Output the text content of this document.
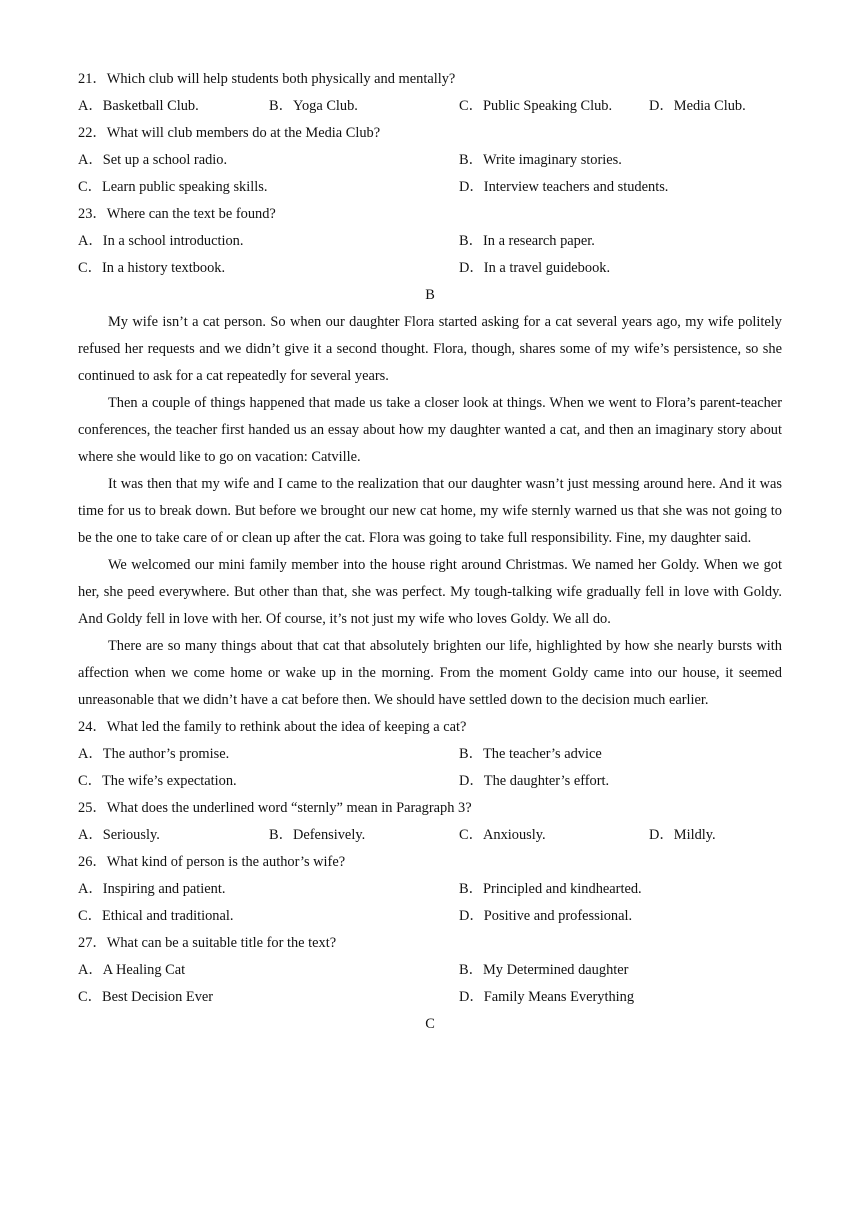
21．Which club will help students both physically and mentally?
A．Basketball Club.	B．Yoga Club.	C．Public Speaking Club.	D．Media Club.
22．What will club members do at the Media Club?
A．Set up a school radio.	B．Write imaginary stories.
C．Learn public speaking skills.	D．Interview teachers and students.
23．Where can the text be found?
A．In a school introduction.	B．In a research paper.
C．In a history textbook.	D．In a travel guidebook.
B

My wife isn’t a cat person. So when our daughter Flora started asking for a cat several years ago, my wife politely refused her requests and we didn’t give it a second thought. Flora, though, shares some of my wife’s persistence, so she continued to ask for a cat repeatedly for several years.

Then a couple of things happened that made us take a closer look at things. When we went to Flora’s parent-teacher conferences, the teacher first handed us an essay about how my daughter wanted a cat, and then an imaginary story about where she would like to go on vacation: Catville.

It was then that my wife and I came to the realization that our daughter wasn’t just messing around here. And it was time for us to break down. But before we brought our new cat home, my wife sternly warned us that she was not going to be the one to take care of or clean up after the cat. Flora was going to take full responsibility. Fine, my daughter said.

We welcomed our mini family member into the house right around Christmas. We named her Goldy. When we got her, she peed everywhere. But other than that, she was perfect. My tough-talking wife gradually fell in love with Goldy. And Goldy fell in love with her. Of course, it’s not just my wife who loves Goldy. We all do.

There are so many things about that cat that absolutely brighten our life, highlighted by how she nearly bursts with affection when we come home or wake up in the morning. From the moment Goldy came into our house, it seemed unreasonable that we didn’t have a cat before then. We should have settled down to the decision much earlier.

24．What led the family to rethink about the idea of keeping a cat?
A．The author’s promise.	B．The teacher’s advice
C．The wife’s expectation.	D．The daughter’s effort.
25．What does the underlined word “sternly” mean in Paragraph 3?
A．Seriously.	B．Defensively.	C．Anxiously.	D．Mildly.
26．What kind of person is the author’s wife?
A．Inspiring and patient.	B．Principled and kindhearted.
C．Ethical and traditional.	D．Positive and professional.
27．What can be a suitable title for the text?
A．A Healing Cat	B．My Determined daughter
C．Best Decision Ever	D．Family Means Everything
C
